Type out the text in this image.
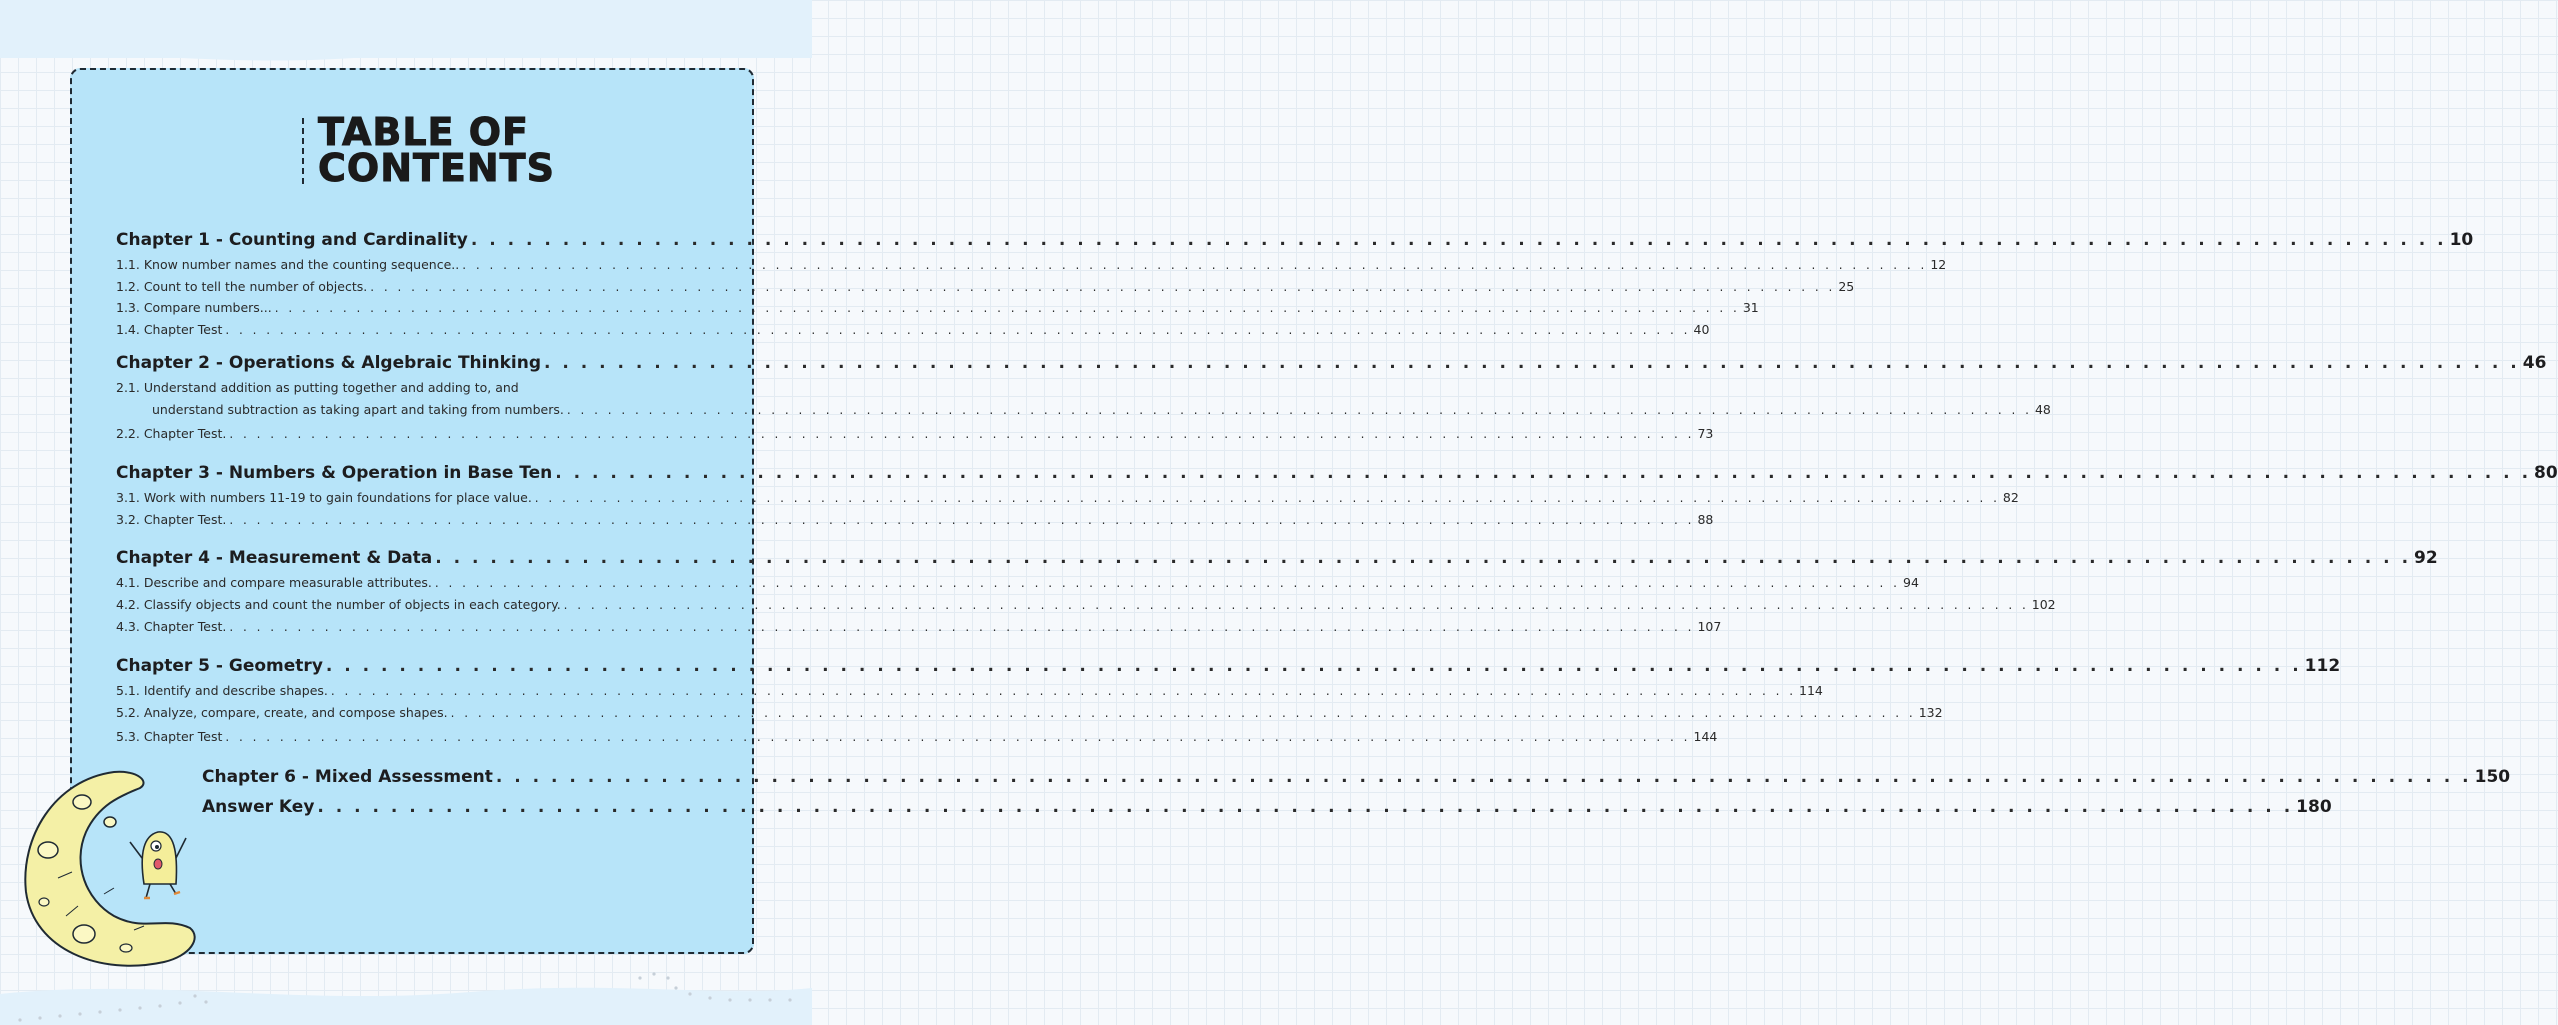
TABLE OF
CONTENTS
Chapter 1 - Counting and Cardinality . . . . . . . . . . . . . . . . . . . . . . . . . . . . . . . . . . . . . . . . . . . . . . . . . . . . . . . . . . . . . . . . . . . . . . . . . . . . . . . . . . . . . . . . . . . . . . . . . . . . . . . . . . . . 10
1.1. Know number names and the counting sequence.. . . . . . . . . . . . . . . . . . . . . . . . . . . . . . . . . . . . . . . . . . . . . . . . . . . . . . . . . . . . . . . . . . . . . . . . . . . . . . . . . . . . . . . . . . . . . . . . . . . . . . . . . . . . . 12
1.2. Count to tell the number of objects. . . . . . . . . . . . . . . . . . . . . . . . . . . . . . . . . . . . . . . . . . . . . . . . . . . . . . . . . . . . . . . . . . . . . . . . . . . . . . . . . . . . . . . . . . . . . . . . . . . . . . . . . . . . . 25
1.3. Compare numbers... . . . . . . . . . . . . . . . . . . . . . . . . . . . . . . . . . . . . . . . . . . . . . . . . . . . . . . . . . . . . . . . . . . . . . . . . . . . . . . . . . . . . . . . . . . . . . . . . . . . . . . . . . . . . 31
1.4. Chapter Test . . . . . . . . . . . . . . . . . . . . . . . . . . . . . . . . . . . . . . . . . . . . . . . . . . . . . . . . . . . . . . . . . . . . . . . . . . . . . . . . . . . . . . . . . . . . . . . . . . . . . . . . . . . . 40
Chapter 2 - Operations & Algebraic Thinking . . . . . . . . . . . . . . . . . . . . . . . . . . . . . . . . . . . . . . . . . . . . . . . . . . . . . . . . . . . . . . . . . . . . . . . . . . . . . . . . . . . . . . . . . . . . . . . . . . . . . . . . . . . . 46
2.1. Understand addition as putting together and adding to, and
understand subtraction as taking apart and taking from numbers. . . . . . . . . . . . . . . . . . . . . . . . . . . . . . . . . . . . . . . . . . . . . . . . . . . . . . . . . . . . . . . . . . . . . . . . . . . . . . . . . . . . . . . . . . . . . . . . . . . . . . . . . . . . . 48
2.2. Chapter Test. . . . . . . . . . . . . . . . . . . . . . . . . . . . . . . . . . . . . . . . . . . . . . . . . . . . . . . . . . . . . . . . . . . . . . . . . . . . . . . . . . . . . . . . . . . . . . . . . . . . . . . . . . . . . 73
Chapter 3 - Numbers & Operation in Base Ten . . . . . . . . . . . . . . . . . . . . . . . . . . . . . . . . . . . . . . . . . . . . . . . . . . . . . . . . . . . . . . . . . . . . . . . . . . . . . . . . . . . . . . . . . . . . . . . . . . . . . . . . . . . . 80
3.1. Work with numbers 11-19 to gain foundations for place value. . . . . . . . . . . . . . . . . . . . . . . . . . . . . . . . . . . . . . . . . . . . . . . . . . . . . . . . . . . . . . . . . . . . . . . . . . . . . . . . . . . . . . . . . . . . . . . . . . . . . . . . . . . . . 82
3.2. Chapter Test. . . . . . . . . . . . . . . . . . . . . . . . . . . . . . . . . . . . . . . . . . . . . . . . . . . . . . . . . . . . . . . . . . . . . . . . . . . . . . . . . . . . . . . . . . . . . . . . . . . . . . . . . . . . . 88
Chapter 4 - Measurement & Data . . . . . . . . . . . . . . . . . . . . . . . . . . . . . . . . . . . . . . . . . . . . . . . . . . . . . . . . . . . . . . . . . . . . . . . . . . . . . . . . . . . . . . . . . . . . . . . . . . . . . . . . . . . . 92
4.1. Describe and compare measurable attributes. . . . . . . . . . . . . . . . . . . . . . . . . . . . . . . . . . . . . . . . . . . . . . . . . . . . . . . . . . . . . . . . . . . . . . . . . . . . . . . . . . . . . . . . . . . . . . . . . . . . . . . . . . . . . 94
4.2. Classify objects and count the number of objects in each category. . . . . . . . . . . . . . . . . . . . . . . . . . . . . . . . . . . . . . . . . . . . . . . . . . . . . . . . . . . . . . . . . . . . . . . . . . . . . . . . . . . . . . . . . . . . . . . . . . . . . . . . . . . . . 102
4.3. Chapter Test. . . . . . . . . . . . . . . . . . . . . . . . . . . . . . . . . . . . . . . . . . . . . . . . . . . . . . . . . . . . . . . . . . . . . . . . . . . . . . . . . . . . . . . . . . . . . . . . . . . . . . . . . . . . . 107
Chapter 5 - Geometry . . . . . . . . . . . . . . . . . . . . . . . . . . . . . . . . . . . . . . . . . . . . . . . . . . . . . . . . . . . . . . . . . . . . . . . . . . . . . . . . . . . . . . . . . . . . . . . . . . . . . . . . . . . . 112
5.1. Identify and describe shapes. . . . . . . . . . . . . . . . . . . . . . . . . . . . . . . . . . . . . . . . . . . . . . . . . . . . . . . . . . . . . . . . . . . . . . . . . . . . . . . . . . . . . . . . . . . . . . . . . . . . . . . . . . . . . 114
5.2. Analyze, compare, create, and compose shapes. . . . . . . . . . . . . . . . . . . . . . . . . . . . . . . . . . . . . . . . . . . . . . . . . . . . . . . . . . . . . . . . . . . . . . . . . . . . . . . . . . . . . . . . . . . . . . . . . . . . . . . . . . . . . 132
5.3. Chapter Test . . . . . . . . . . . . . . . . . . . . . . . . . . . . . . . . . . . . . . . . . . . . . . . . . . . . . . . . . . . . . . . . . . . . . . . . . . . . . . . . . . . . . . . . . . . . . . . . . . . . . . . . . . . . 144
Chapter 6 - Mixed Assessment . . . . . . . . . . . . . . . . . . . . . . . . . . . . . . . . . . . . . . . . . . . . . . . . . . . . . . . . . . . . . . . . . . . . . . . . . . . . . . . . . . . . . . . . . . . . . . . . . . . . . . . . . . . . 150
Answer Key . . . . . . . . . . . . . . . . . . . . . . . . . . . . . . . . . . . . . . . . . . . . . . . . . . . . . . . . . . . . . . . . . . . . . . . . . . . . . . . . . . . . . . . . . . . . . . . . . . . . . . . . . . . . 180
